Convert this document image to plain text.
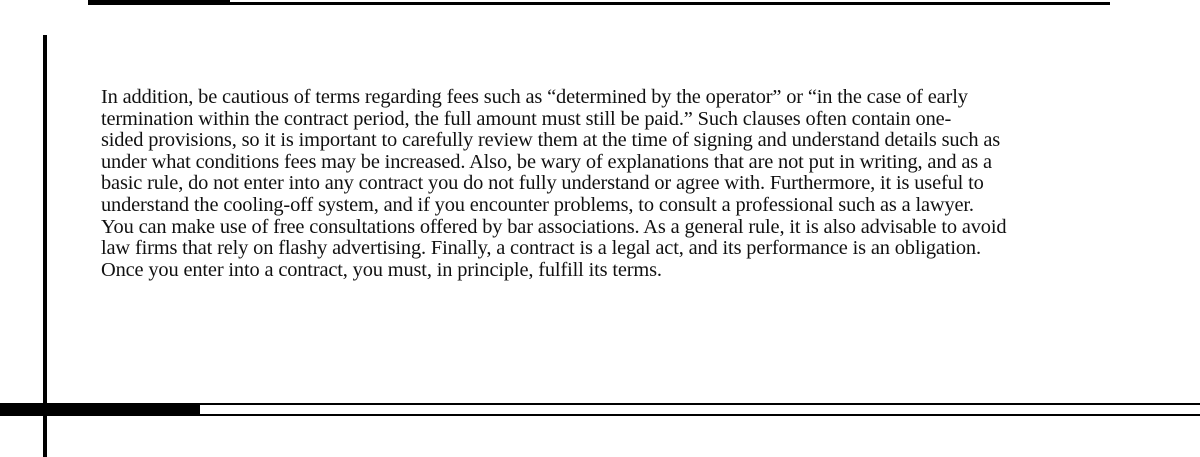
In addition, be cautious of terms regarding fees such as “determined by the operator” or “in the case of early
termination within the contract period, the full amount must still be paid.” Such clauses often contain one-
sided provisions, so it is important to carefully review them at the time of signing and understand details such as
under what conditions fees may be increased. Also, be wary of explanations that are not put in writing, and as a
basic rule, do not enter into any contract you do not fully understand or agree with. Furthermore, it is useful to
understand the cooling-off system, and if you encounter problems, to consult a professional such as a lawyer.
You can make use of free consultations offered by bar associations. As a general rule, it is also advisable to avoid
law firms that rely on flashy advertising. Finally, a contract is a legal act, and its performance is an obligation.
Once you enter into a contract, you must, in principle, fulfill its terms.
